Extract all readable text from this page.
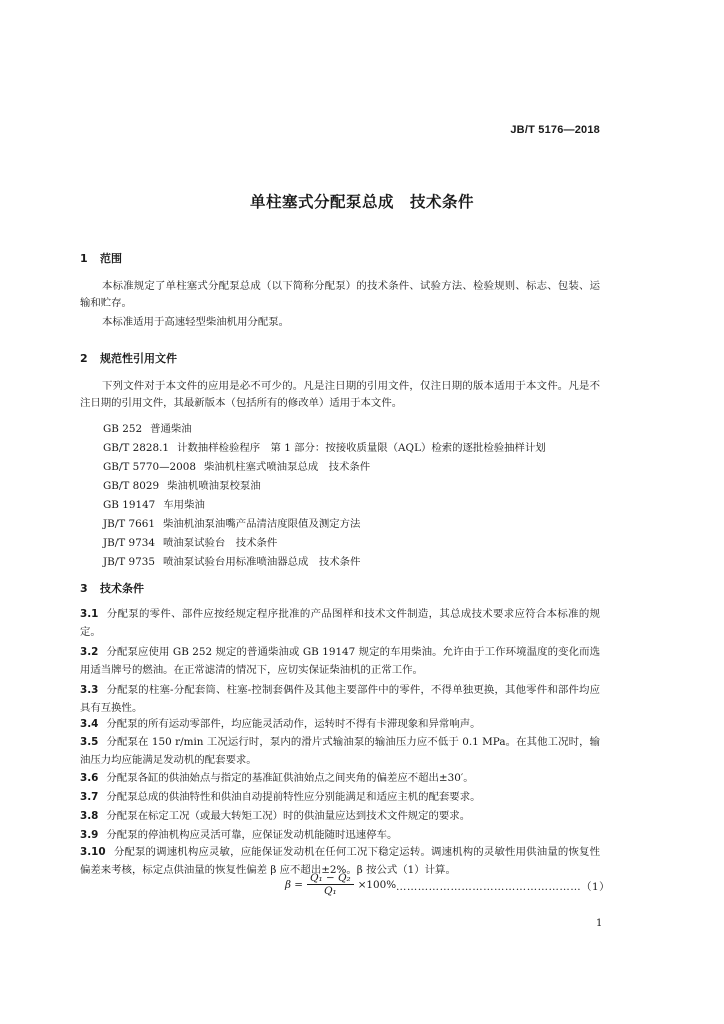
JB/T 5176—2018
单柱塞式分配泵总成 技术条件
1 范围
本标准规定了单柱塞式分配泵总成（以下简称分配泵）的技术条件、试验方法、检验规则、标志、包装、运输和贮存。
本标准适用于高速轻型柴油机用分配泵。
2 规范性引用文件
下列文件对于本文件的应用是必不可少的。凡是注日期的引用文件，仅注日期的版本适用于本文件。凡是不注日期的引用文件，其最新版本（包括所有的修改单）适用于本文件。
GB 252 普通柴油
GB/T 2828.1 计数抽样检验程序　第 1 部分：按接收质量限（AQL）检索的逐批检验抽样计划
GB/T 5770—2008 柴油机柱塞式喷油泵总成　技术条件
GB/T 8029 柴油机喷油泵校泵油
GB 19147 车用柴油
JB/T 7661 柴油机油泵油嘴产品清洁度限值及测定方法
JB/T 9734 喷油泵试验台　技术条件
JB/T 9735 喷油泵试验台用标准喷油器总成　技术条件
3 技术条件
3.1 分配泵的零件、部件应按经规定程序批准的产品图样和技术文件制造，其总成技术要求应符合本标准的规定。
3.2 分配泵应使用 GB 252 规定的普通柴油或 GB 19147 规定的车用柴油。允许由于工作环境温度的变化而选用适当牌号的燃油。在正常滤清的情况下，应切实保证柴油机的正常工作。
3.3 分配泵的柱塞-分配套筒、柱塞-控制套偶件及其他主要部件中的零件，不得单独更换，其他零件和部件均应具有互换性。
3.4 分配泵的所有运动零部件，均应能灵活动作，运转时不得有卡滞现象和异常响声。
3.5 分配泵在 150 r/min 工况运行时，泵内的滑片式输油泵的输油压力应不低于 0.1 MPa。在其他工况时，输油压力均应能满足发动机的配套要求。
3.6 分配泵各缸的供油始点与指定的基准缸供油始点之间夹角的偏差应不超出±30′。
3.7 分配泵总成的供油特性和供油自动提前特性应分别能满足和适应主机的配套要求。
3.8 分配泵在标定工况（或最大转矩工况）时的供油量应达到技术文件规定的要求。
3.9 分配泵的停油机构应灵活可靠，应保证发动机能随时迅速停车。
3.10 分配泵的调速机构应灵敏，应能保证发动机在任何工况下稳定运转。调速机构的灵敏性用供油量的恢复性偏差来考核，标定点供油量的恢复性偏差 β 应不超出±2%。β 按公式（1）计算。
$\beta = \frac{\text{Q₁ − Q₂}}{\text{Q₁}} \times 100\%$ ……………………………………………（1）
1
